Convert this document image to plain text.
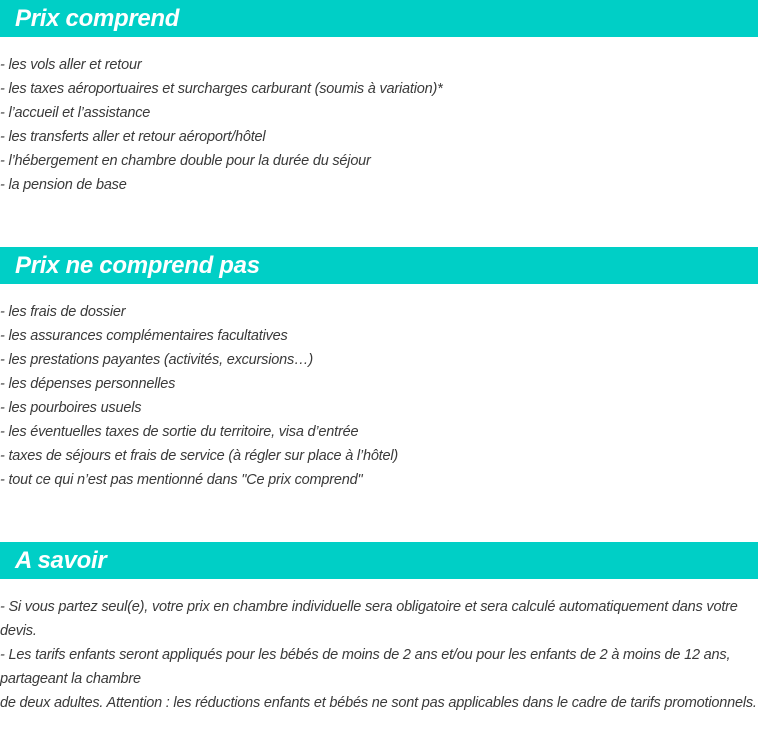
Prix comprend
- les vols aller et retour
- les taxes aéroportuaires et surcharges carburant (soumis à variation)*
- l’accueil et l’assistance
- les transferts aller et retour aéroport/hôtel
- l’hébergement en chambre double pour la durée du séjour
- la pension de base
Prix ne comprend pas
- les frais de dossier
- les assurances complémentaires facultatives
- les prestations payantes (activités, excursions…)
- les dépenses personnelles
- les pourboires usuels
- les éventuelles taxes de sortie du territoire, visa d’entrée
- taxes de séjours et frais de service (à régler sur place à l’hôtel)
- tout ce qui n’est pas mentionné dans "Ce prix comprend"
A savoir
- Si vous partez seul(e), votre prix en chambre individuelle sera obligatoire et sera calculé automatiquement dans votre devis.
- Les tarifs enfants seront appliqués pour les bébés de moins de 2 ans et/ou pour les enfants de 2 à moins de 12 ans, partageant la chambre
de deux adultes. Attention : les réductions enfants et bébés ne sont pas applicables dans le cadre de tarifs promotionnels.
